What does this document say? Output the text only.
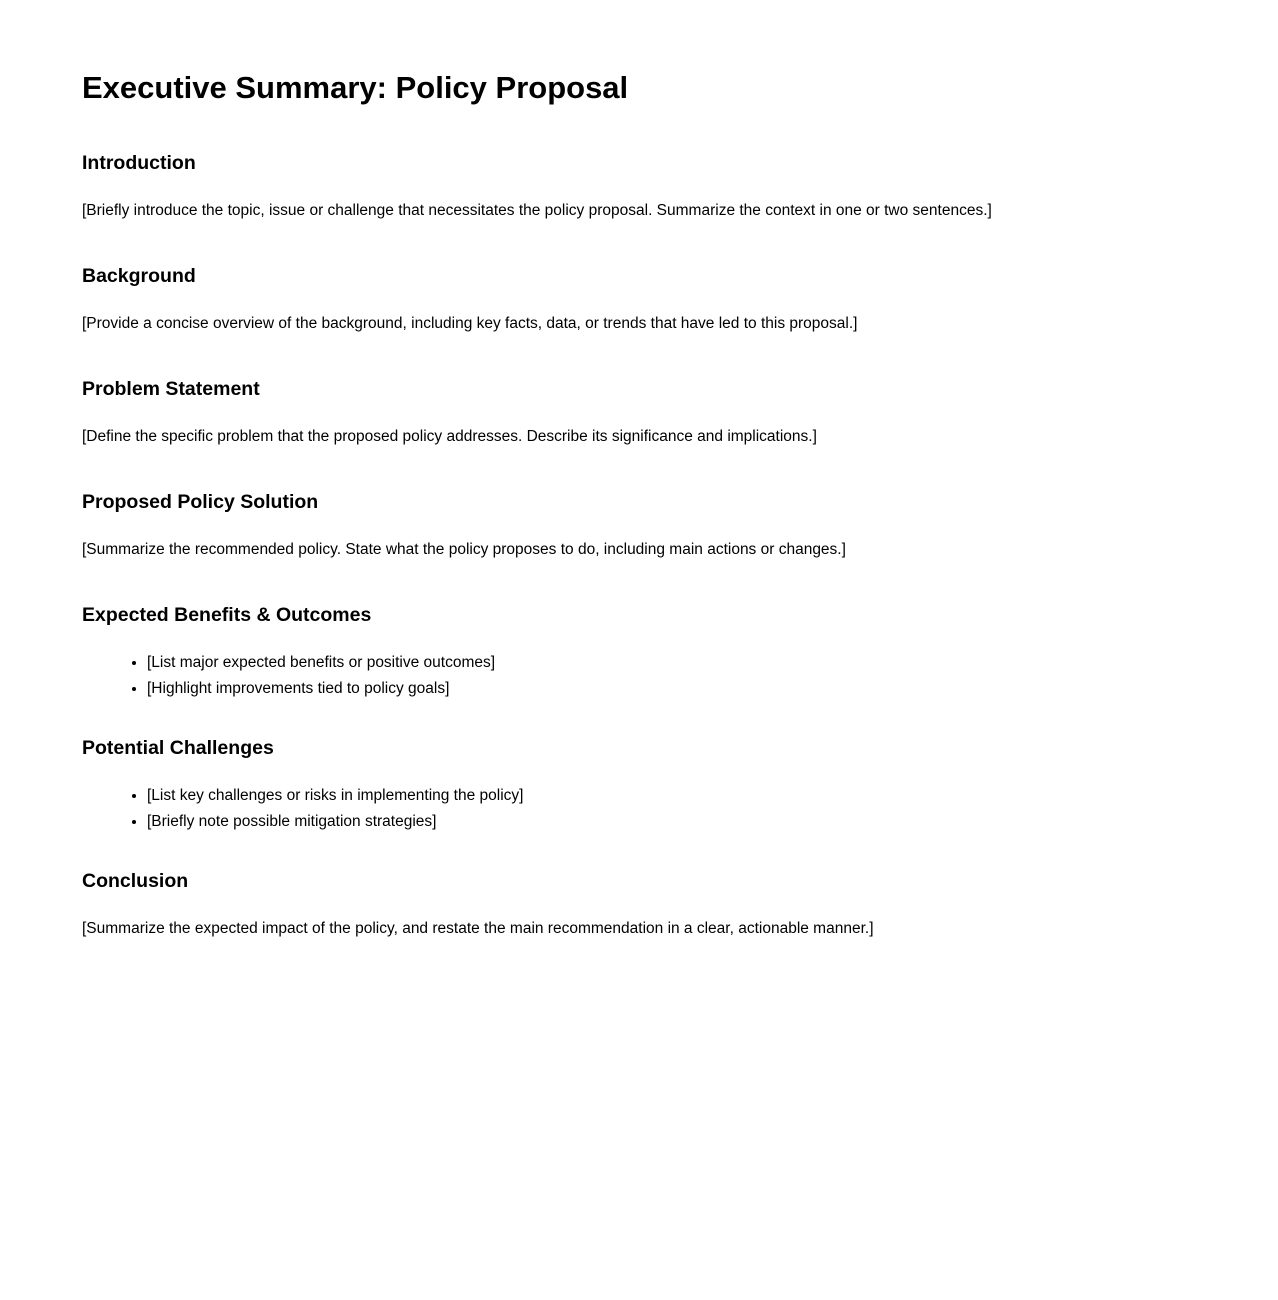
Executive Summary: Policy Proposal
Introduction

[Briefly introduce the topic, issue or challenge that necessitates the policy proposal. Summarize the context in one or two sentences.]

Background

[Provide a concise overview of the background, including key facts, data, or trends that have led to this proposal.]

Problem Statement

[Define the specific problem that the proposed policy addresses. Describe its significance and implications.]

Proposed Policy Solution

[Summarize the recommended policy. State what the policy proposes to do, including main actions or changes.]

Expected Benefits & Outcomes
• [List major expected benefits or positive outcomes]
• [Highlight improvements tied to policy goals]
Potential Challenges
• [List key challenges or risks in implementing the policy]
• [Briefly note possible mitigation strategies]
Conclusion

[Summarize the expected impact of the policy, and restate the main recommendation in a clear, actionable manner.]
